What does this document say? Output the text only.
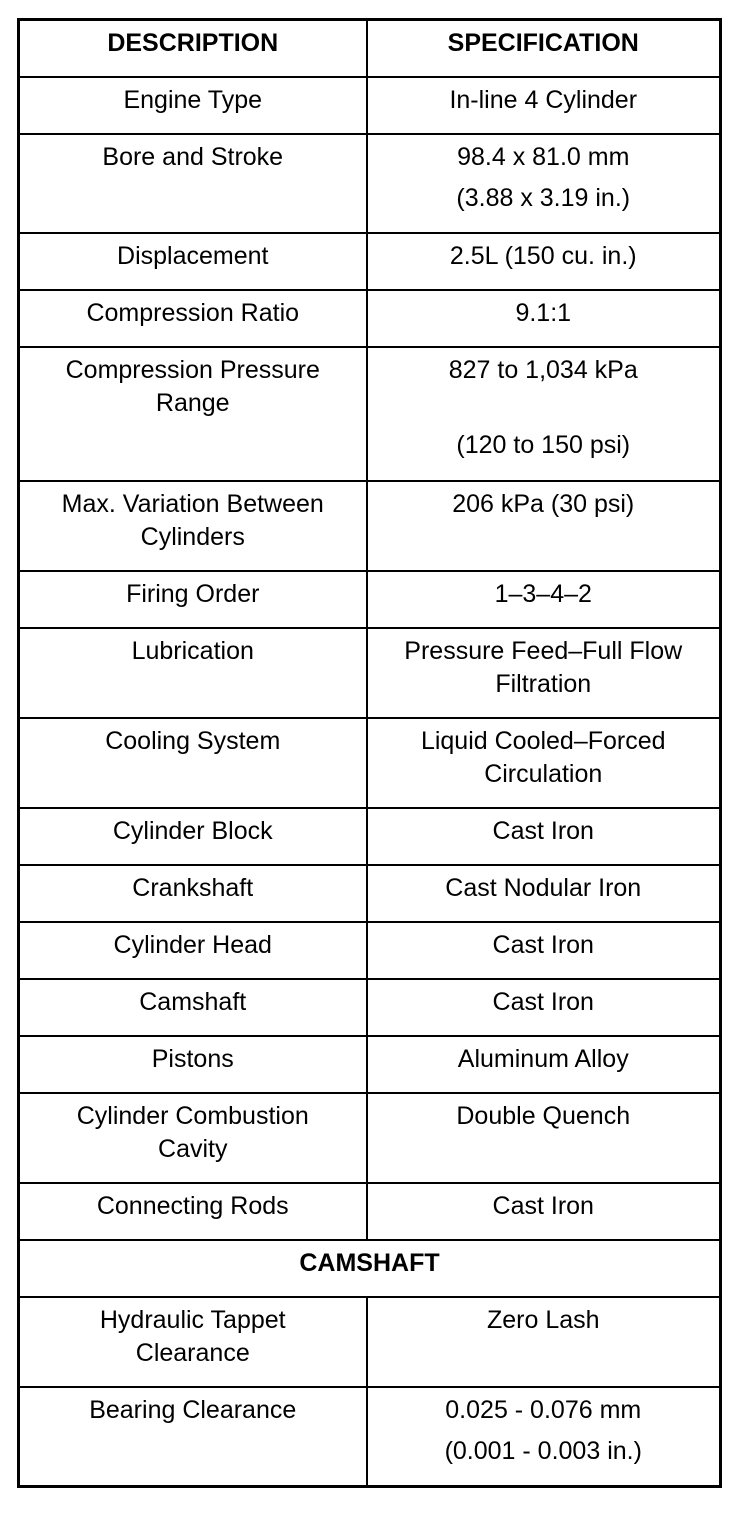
DESCRIPTION	SPECIFICATION

Engine Type	In-line 4 Cylinder

Bore and Stroke	98.4 x 81.0 mm
(3.88 x 3.19 in.)

Displacement	2.5L (150 cu. in.)

Compression Ratio	9.1:1

Compression Pressure
Range	827 to 1,034 kPa
(120 to 150 psi)

Max. Variation Between
Cylinders	206 kPa (30 psi)

Firing Order	1–3–4–2

Lubrication	Pressure Feed–Full Flow
Filtration

Cooling System	Liquid Cooled–Forced
Circulation

Cylinder Block	Cast Iron

Crankshaft	Cast Nodular Iron

Cylinder Head	Cast Iron

Camshaft	Cast Iron

Pistons	Aluminum Alloy

Cylinder Combustion
Cavity	Double Quench

Connecting Rods	Cast Iron

CAMSHAFT	

Hydraulic Tappet
Clearance	Zero Lash

Bearing Clearance	0.025 - 0.076 mm
(0.001 - 0.003 in.)
